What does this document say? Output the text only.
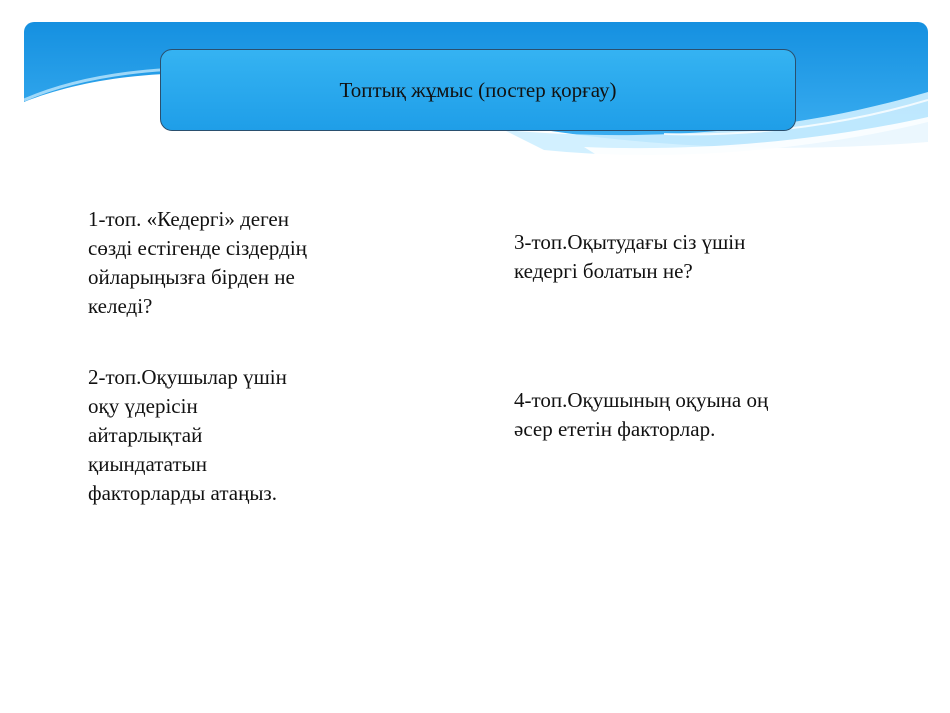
Топтық жұмыс (постер қорғау)
1-топ. «Кедергі» деген
сөзді естігенде сіздердің
ойларыңызға бірден не
келеді?
2-топ.Оқушылар үшін
оқу үдерісін
айтарлықтай
қиындататын
факторларды атаңыз.
3-топ.Оқытудағы сіз үшін
кедергі болатын не?
4-топ.Оқушының оқуына оң
әсер ететін факторлар.
